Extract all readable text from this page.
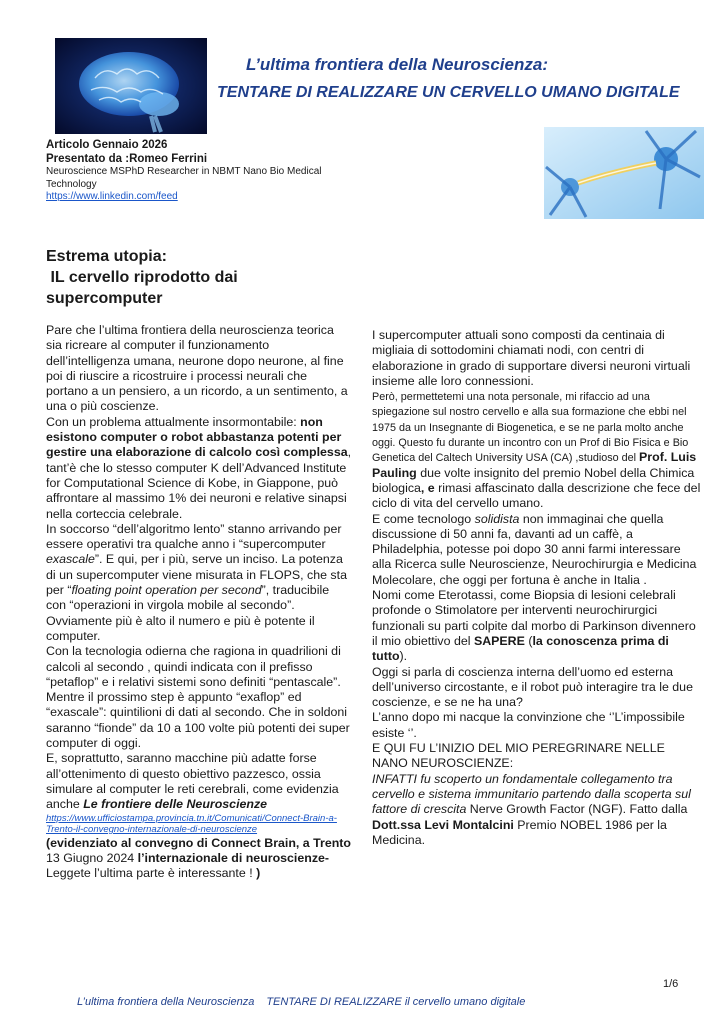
L’ultima frontiera della Neuroscienza:
TENTARE DI REALIZZARE UN CERVELLO UMANO DIGITALE
Articolo Gennaio 2026
Presentato da :Romeo Ferrini
Neuroscience MSPhD Researcher in NBMT Nano Bio Medical Technology
https://www.linkedin.com/feed
Estrema utopia:
IL cervello riprodotto dai
supercomputer

Pare che l’ultima frontiera della neuroscienza teorica sia ricreare al computer il funzionamento dell’intelligenza umana, neurone dopo neurone, al fine poi di riuscire a ricostruire i processi neurali che portano a un pensiero, a un ricordo, a un sentimento, a una o più coscienze.

Con un problema attualmente insormontabile: non esistono computer o robot abbastanza potenti per gestire una elaborazione di calcolo così complessa, tant’è che lo stesso computer K dell’Advanced Institute for Computational Science di Kobe, in Giappone, può affrontare al massimo 1% dei neuroni e relative sinapsi nella corteccia celebrale.

In soccorso “dell’algoritmo lento” stanno arrivando per essere operativi tra qualche anno i “supercomputer exascale”. E qui, per i più, serve un inciso. La potenza di un supercomputer viene misurata in FLOPS, che sta per “floating point operation per second”, traducibile con “operazioni in virgola mobile al secondo”. Ovviamente più è alto il numero e più è potente il computer.

Con la tecnologia odierna che ragiona in quadrilioni di calcoli al secondo , quindi indicata con il prefisso “petaflop” e i relativi sistemi sono definiti “pentascale”. Mentre il prossimo step è appunto “exaflop” ed “exascale”: quintilioni di dati al secondo. Che in soldoni saranno “fionde” da 10 a 100 volte più potenti dei super computer di oggi.

E, soprattutto, saranno macchine più adatte forse all’ottenimento di questo obiettivo pazzesco, ossia simulare al computer le reti cerebrali, come evidenzia anche Le frontiere delle Neuroscienze

https://www.ufficiostampa.provincia.tn.it/Comunicati/Connect-Brain-a-Trento-il-convegno-internazionale-di-neuroscienze

(evidenziato al convegno di Connect Brain, a Trento 13 Giugno 2024 l’internazionale di neuroscienze- Leggete l’ultima parte è interessante ! )

I supercomputer attuali sono composti da centinaia di migliaia di sottodomini chiamati nodi, con centri di elaborazione in grado di supportare diversi neuroni virtuali insieme alle loro connessioni.

Però, permettetemi una nota personale, mi rifaccio ad una spiegazione sul nostro cervello e alla sua formazione che ebbi nel 1975 da un Insegnante di Biogenetica, e se ne parla molto anche oggi. Questo fu durante un incontro con un Prof di Bio Fisica e Bio Genetica del Caltech University USA (CA) ,studioso del Prof. Luis Pauling due volte insignito del premio Nobel della Chimica biologica, e rimasi affascinato dalla descrizione che fece del ciclo di vita del cervello umano.

E come tecnologo solidista non immaginai che quella discussione di 50 anni fa, davanti ad un caffè, a Philadelphia, potesse poi dopo 30 anni farmi interessare alla Ricerca sulle Neuroscienze, Neurochirurgia e Medicina Molecolare, che oggi per fortuna è anche in Italia .

Nomi come Eterotassi, come Biopsia di lesioni celebrali profonde o Stimolatore per interventi neurochirurgici funzionali su parti colpite dal morbo di Parkinson divennero il mio obiettivo del SAPERE (la conoscenza prima di tutto).

Oggi si parla di coscienza interna dell’uomo ed esterna dell’universo circostante, e il robot può interagire tra le due coscienze, e se ne ha una?

L’anno dopo mi nacque la convinzione che ‘’L’impossibile esiste ‘’.

E QUI FU L’INIZIO DEL MIO PEREGRINARE NELLE NANO NEUROSCIENZE:

INFATTI fu scoperto un fondamentale collegamento tra cervello e sistema immunitario partendo dalla scoperta sul fattore di crescita Nerve Growth Factor (NGF). Fatto dalla Dott.ssa Levi Montalcini Premio NOBEL 1986 per la Medicina.

1/6
L’ultima frontiera della Neuroscienza TENTARE DI REALIZZARE il cervello umano digitale
